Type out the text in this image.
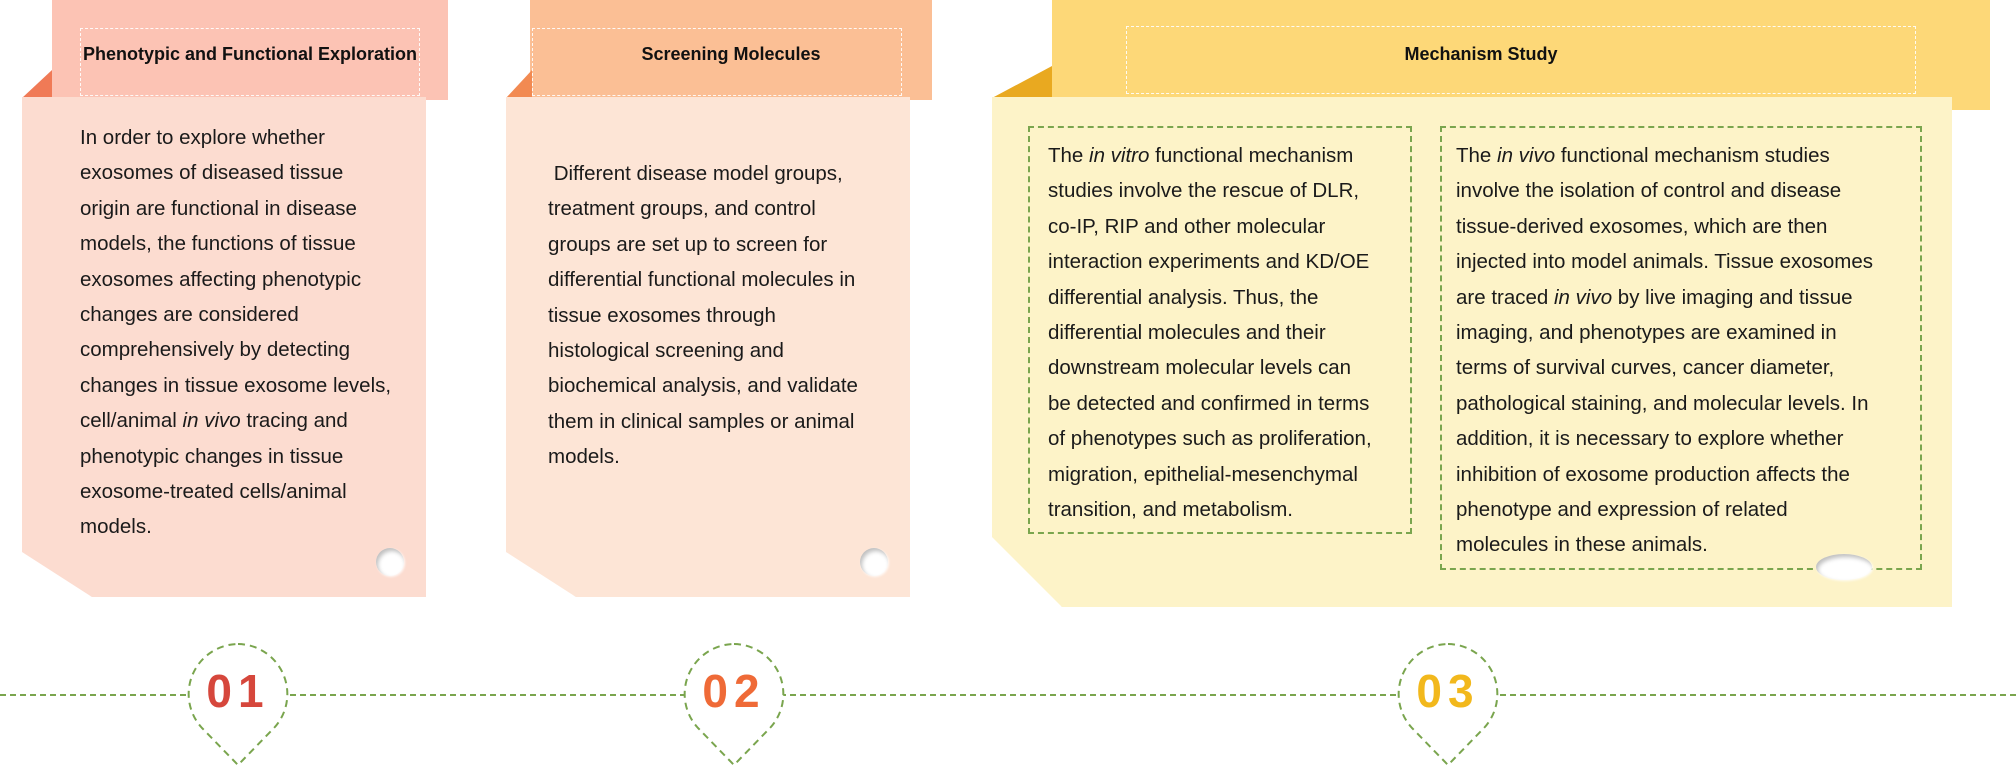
Phenotypic and Functional Exploration
In order to explore whether
exosomes of diseased tissue
origin are functional in disease
models, the functions of tissue
exosomes affecting phenotypic
changes are considered
comprehensively by detecting
changes in tissue exosome levels,
cell/animal in vivo tracing and
phenotypic changes in tissue
exosome-treated cells/animal
models.
Screening Molecules
Different disease model groups,
treatment groups, and control
groups are set up to screen for
differential functional molecules in
tissue exosomes through
histological screening and
biochemical analysis, and validate
them in clinical samples or animal
models.
Mechanism Study
The in vitro functional mechanism
studies involve the rescue of DLR,
co-IP, RIP and other molecular
interaction experiments and KD/OE
differential analysis. Thus, the
differential molecules and their
downstream molecular levels can
be detected and confirmed in terms
of phenotypes such as proliferation,
migration, epithelial-mesenchymal
transition, and metabolism.
The in vivo functional mechanism studies
involve the isolation of control and disease
tissue-derived exosomes, which are then
injected into model animals. Tissue exosomes
are traced in vivo by live imaging and tissue
imaging, and phenotypes are examined in
terms of survival curves, cancer diameter,
pathological staining, and molecular levels. In
addition, it is necessary to explore whether
inhibition of exosome production affects the
phenotype and expression of related
molecules in these animals.
01	02	03
